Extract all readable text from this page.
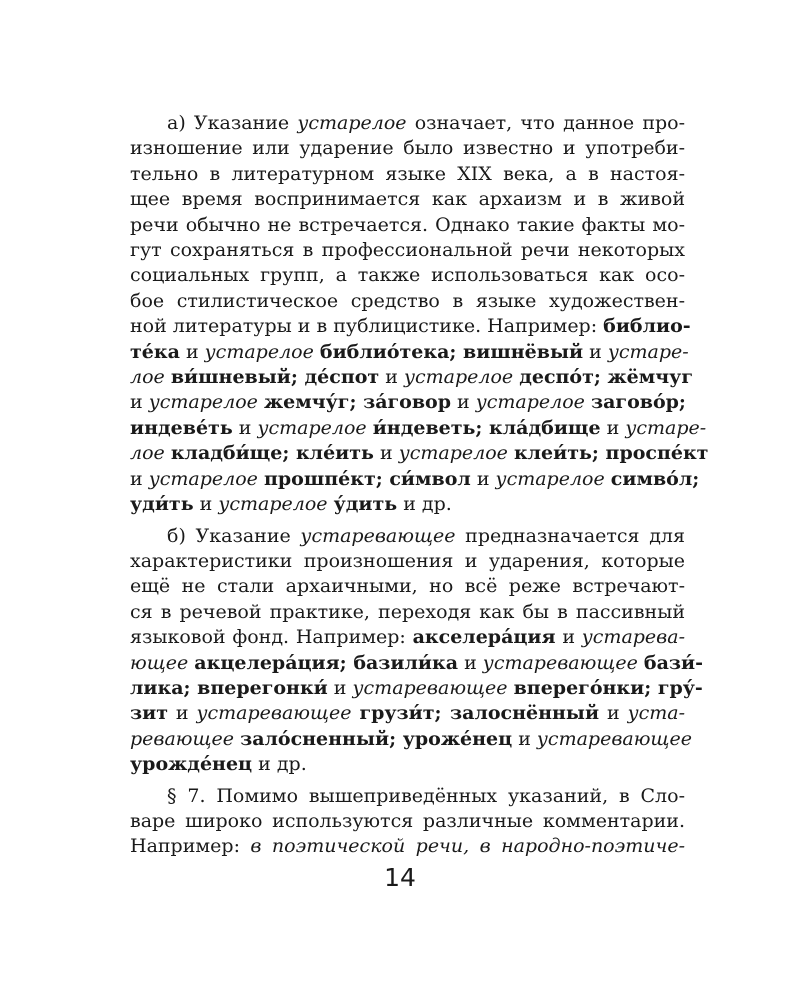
а) Указание устарелое означает, что данное про-
изношение или ударение было известно и употреби-
тельно в литературном языке XIX века, а в настоя-
щее время воспринимается как архаизм и в живой
речи обычно не встречается. Однако такие факты мо-
гут сохраняться в профессиональной речи некоторых
социальных групп, а также использоваться как осо-
бое стилистическое средство в языке художествен-
ной литературы и в публицистике. Например: библио-
те́ка и устарелое библио́тека; вишнёвый и устаре-
лое ви́шневый; де́спот и устарелое деспо́т; жёмчуг
и устарелое жемчу́г; за́говор и устарелое загово́р;
индеве́ть и устарелое и́ндеветь; кла́дбище и устаре-
лое кладби́ще; кле́ить и устарелое клеи́ть; проспе́кт
и устарелое прошпе́кт; си́мвол и устарелое симво́л;
уди́ть и устарелое у́дить и др.
б) Указание устаревающее предназначается для
характеристики произношения и ударения, которые
ещё не стали архаичными, но всё реже встречают-
ся в речевой практике, переходя как бы в пассивный
языковой фонд. Например: акселера́ция и устарева-
ющее акцелера́ция; базили́ка и устаревающее бази́-
лика; вперегонки́ и устаревающее вперего́нки; гру́-
зит и устаревающее грузи́т; залоснённый и уста-
ревающее зало́сненный; урожéнец и устаревающее
урожде́нец и др.
§ 7. Помимо вышеприведённых указаний, в Сло-
варе широко используются различные комментарии.
Например: в поэтической речи, в народно-поэтиче-
14
